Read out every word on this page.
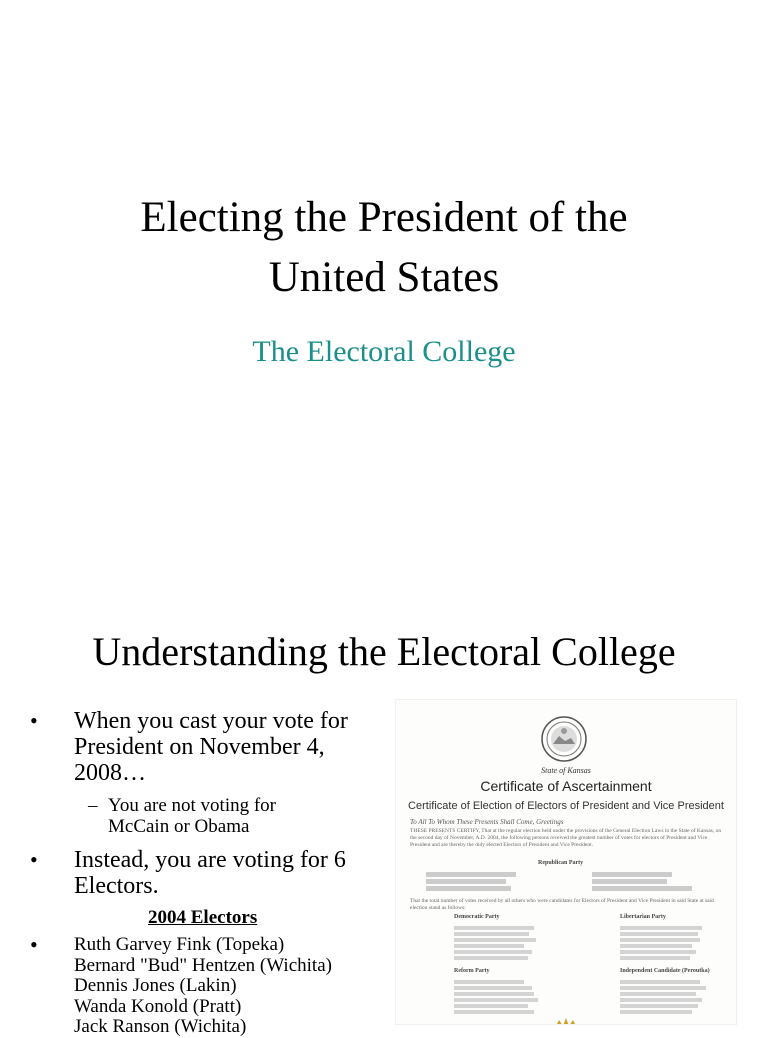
Electing the President of the
United States
The Electoral College
Understanding the Electoral College
• When you cast your vote for
President on November 4,
2008…
– You are not voting for
McCain or Obama
• Instead, you are voting for 6
Electors.
2004 Electors
• Ruth Garvey Fink (Topeka)
Bernard "Bud" Hentzen (Wichita)
Dennis Jones (Lakin)
Wanda Konold (Pratt)
Jack Ranson (Wichita)
State of Kansas
Certificate of Ascertainment
Certificate of Election of Electors of President and Vice President
To All To Whom These Presents Shall Come, Greetings
THESE PRESENTS CERTIFY, That at the regular election held under the provisions of the General Election Laws in the State of Kansas, on the second day of November, A.D. 2004, the following persons received the greatest number of votes for electors of President and Vice President and are thereby the duly elected Electors of President and Vice President.
Republican Party
That the total number of votes received by all others who were candidates for Electors of President and Vice President in said State at said election stand as follows:
Democratic Party	Libertarian Party
Reform Party	Independent Candidate (Peroutka)
